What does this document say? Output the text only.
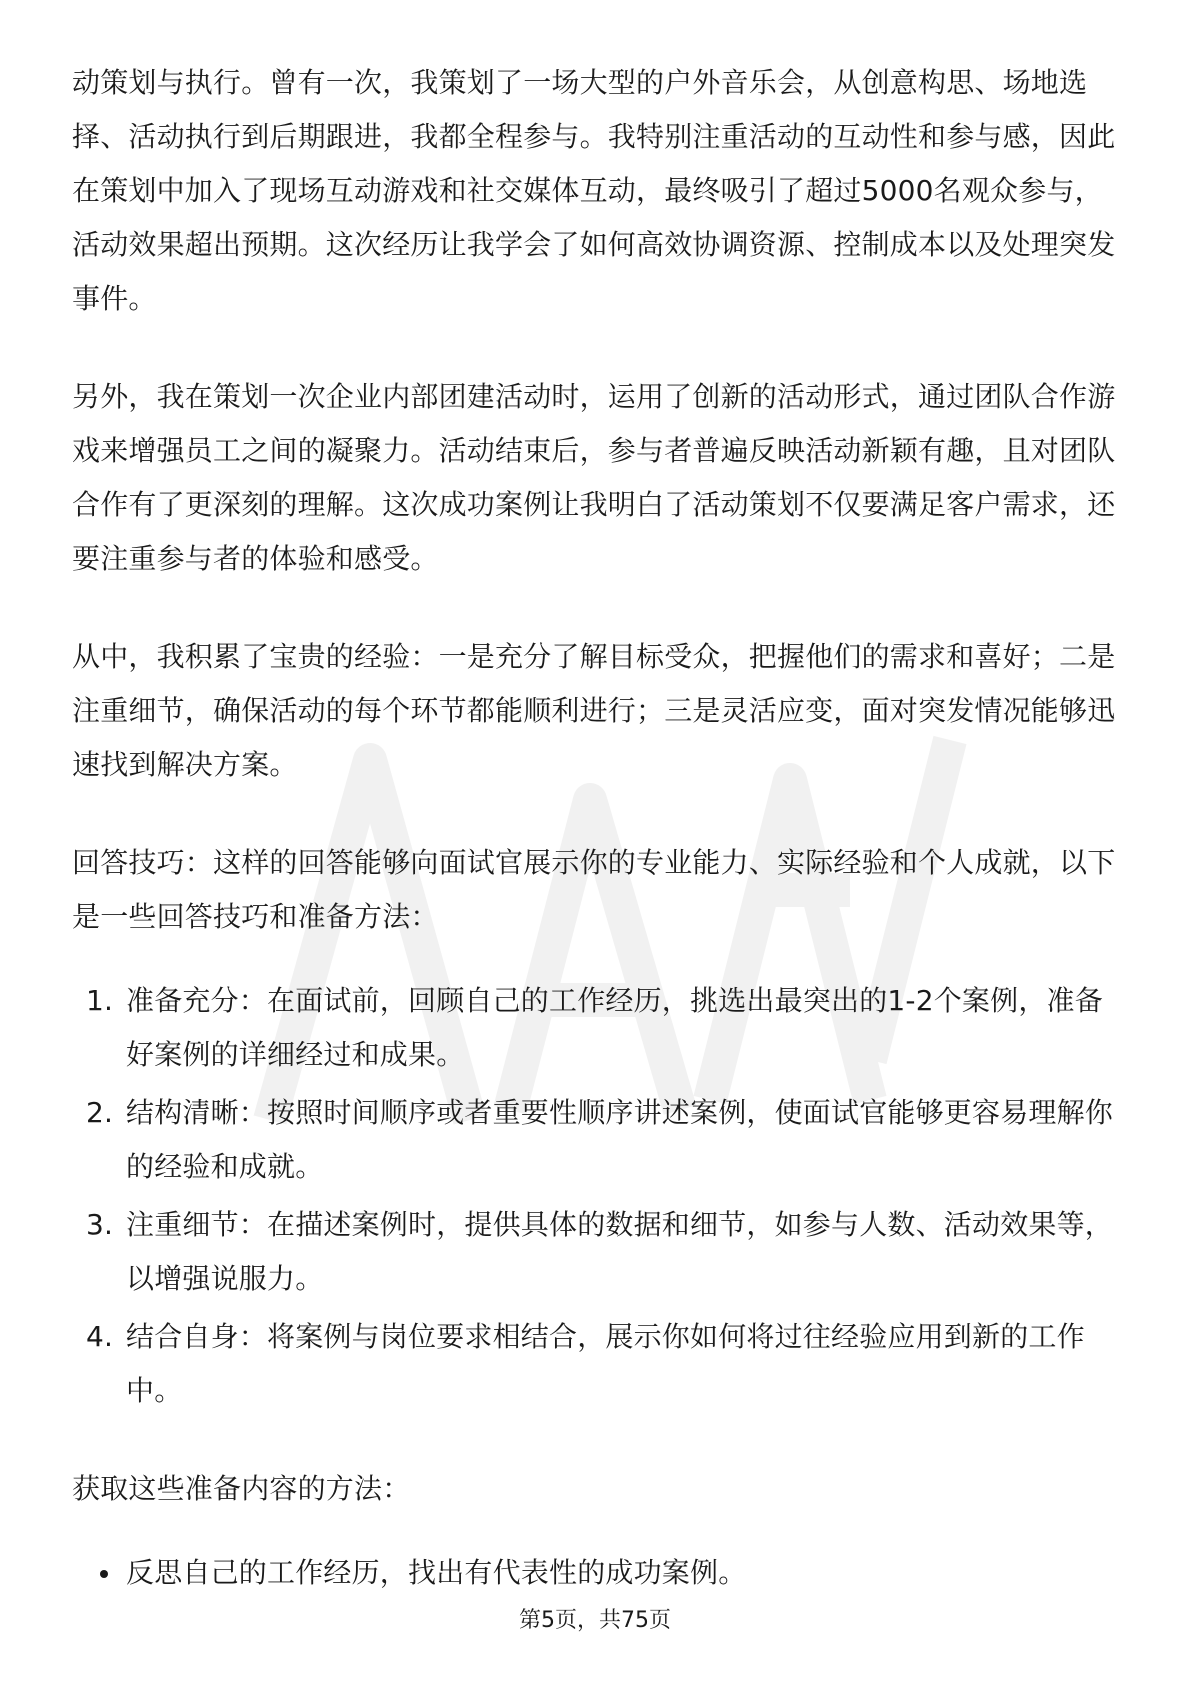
动策划与执行。曾有一次，我策划了一场大型的户外音乐会，从创意构思、场地选择、活动执行到后期跟进，我都全程参与。我特别注重活动的互动性和参与感，因此在策划中加入了现场互动游戏和社交媒体互动，最终吸引了超过5000名观众参与，活动效果超出预期。这次经历让我学会了如何高效协调资源、控制成本以及处理突发事件。

另外，我在策划一次企业内部团建活动时，运用了创新的活动形式，通过团队合作游戏来增强员工之间的凝聚力。活动结束后，参与者普遍反映活动新颖有趣，且对团队合作有了更深刻的理解。这次成功案例让我明白了活动策划不仅要满足客户需求，还要注重参与者的体验和感受。

从中，我积累了宝贵的经验：一是充分了解目标受众，把握他们的需求和喜好；二是注重细节，确保活动的每个环节都能顺利进行；三是灵活应变，面对突发情况能够迅速找到解决方案。

回答技巧：这样的回答能够向面试官展示你的专业能力、实际经验和个人成就，以下是一些回答技巧和准备方法：

1. 准备充分：在面试前，回顾自己的工作经历，挑选出最突出的1-2个案例，准备好案例的详细经过和成果。
2. 结构清晰：按照时间顺序或者重要性顺序讲述案例，使面试官能够更容易理解你的经验和成就。
3. 注重细节：在描述案例时，提供具体的数据和细节，如参与人数、活动效果等，以增强说服力。
4. 结合自身：将案例与岗位要求相结合，展示你如何将过往经验应用到新的工作中。

获取这些准备内容的方法：

反思自己的工作经历，找出有代表性的成功案例。
第5页，共75页
